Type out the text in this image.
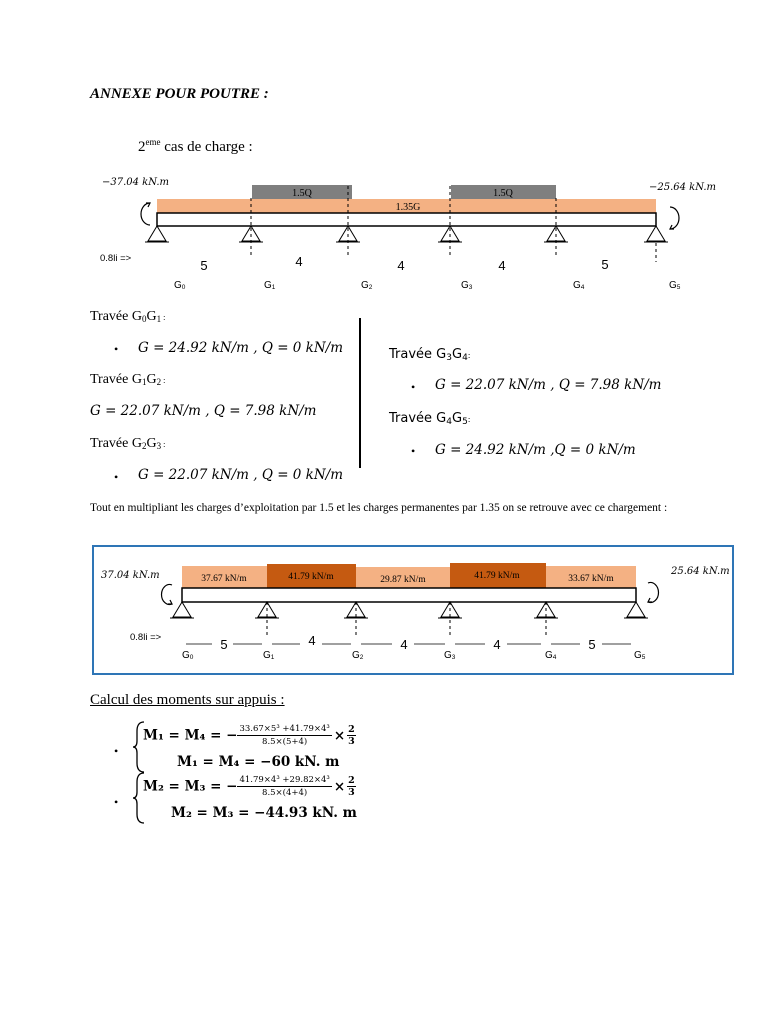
ANNEXE POUR POUTRE :
2eme cas de charge :
−37.04 kN.m	−25.64 kN.m
1.5Q	1.5Q
1.35G
0.8li =>	5	4	4	4	5
G0	G1	G2	G3	G4	G5
Travée $G_0G_1$ :
• G = 24.92 kN/m , Q = 0 kN/m
Travée $G_1G_2$ :
G = 22.07 kN/m , Q = 7.98 kN/m
Travée $G_2G_3$ :
• G = 22.07 kN/m , Q = 0 kN/m
Travée $G_3G_4$:
• G = 22.07 kN/m , Q = 7.98 kN/m
Travée $G_4G_5$:
• G = 24.92 kN/m ,Q = 0 kN/m
Tout en multipliant les charges d’exploitation par 1.5 et les charges permanentes par 1.35 on se retrouve avec ce chargement :
37.04 kN.m	25.64 kN.m
37.67 kN/m	41.79 kN/m	29.87 kN/m	41.79 kN/m	33.67 kN/m
0.8li =>	5	4	4	4	5
G0	G1	G2	G3	G4	G5
Calcul des moments sur appuis :
•
M₁ = M₄ = − $\frac{\text{33.67×5³ +41.79×4³}}{8.5\times(5+4)} \times \frac{2}{3}$
M₁ = M₄ = −60 kN. m
•
M₂ = M₃ = − $\frac{\text{41.79×4³ +29.82×4³}}{8.5\times(4+4)} \times \frac{2}{3}$
M₂ = M₃ = −44.93 kN. m
